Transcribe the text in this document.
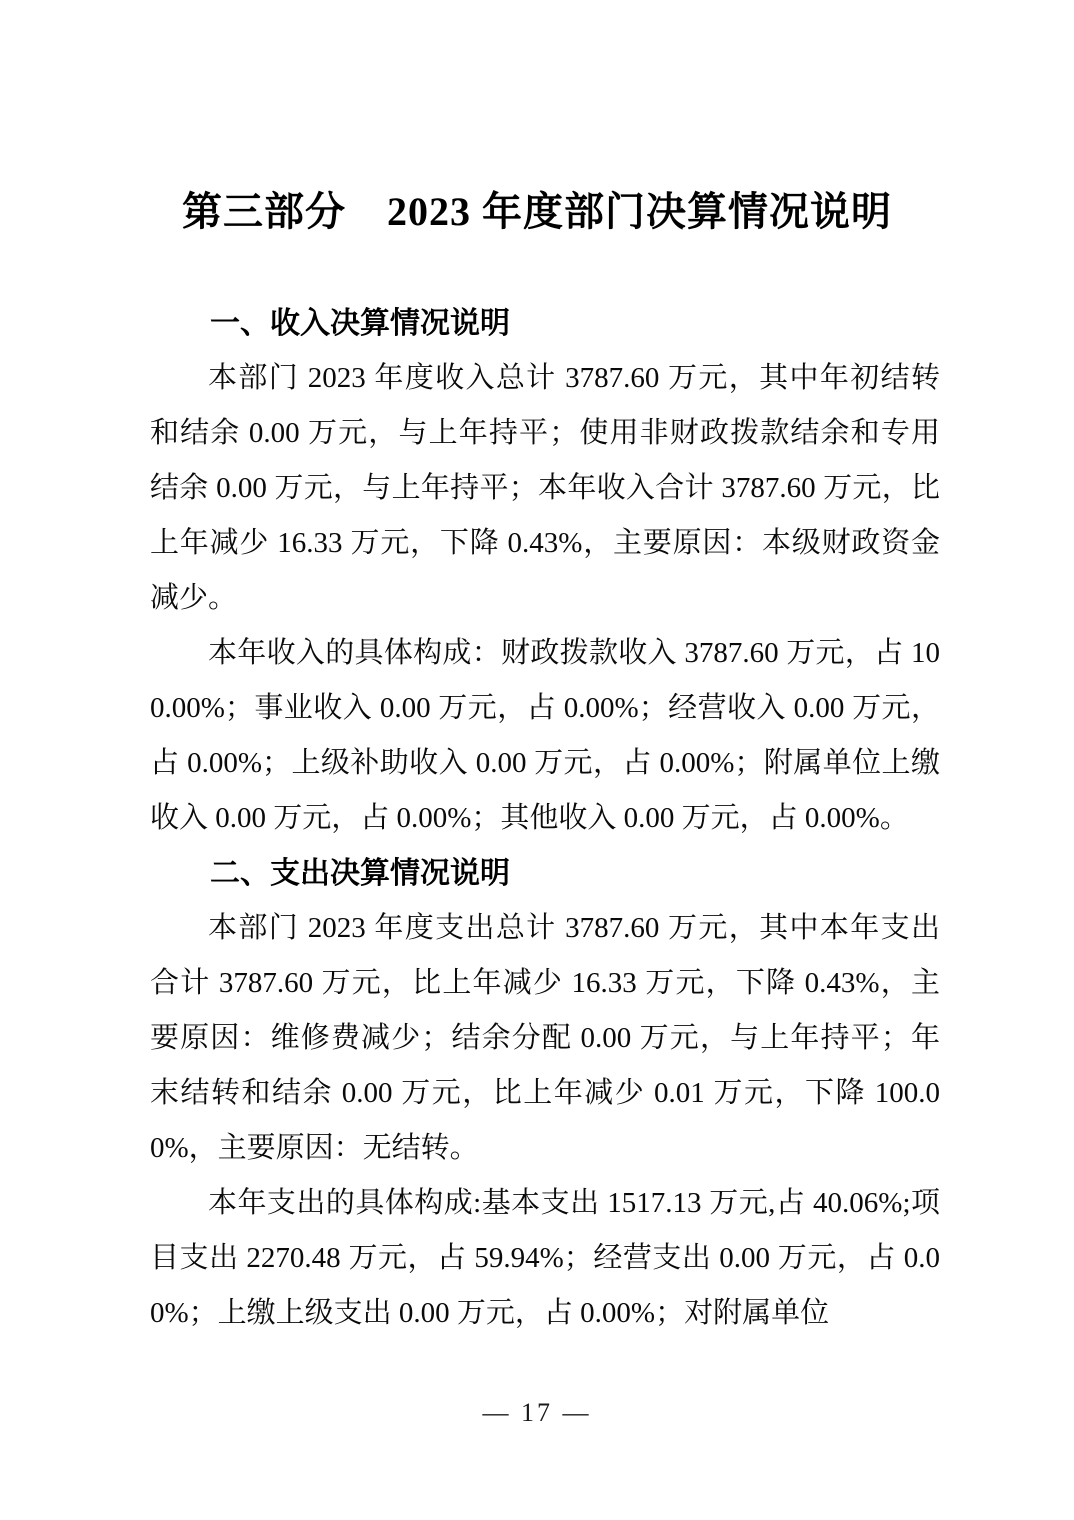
第三部分　2023 年度部门决算情况说明
一、收入决算情况说明

本部门 2023 年度收入总计 3787.60 万元，其中年初结转和结余 0.00 万元，与上年持平；使用非财政拨款结余和专用结余 0.00 万元，与上年持平；本年收入合计 3787.60 万元，比上年减少 16.33 万元，下降 0.43%，主要原因：本级财政资金减少。

本年收入的具体构成：财政拨款收入 3787.60 万元，占 100.00%；事业收入 0.00 万元，占 0.00%；经营收入 0.00 万元，占 0.00%；上级补助收入 0.00 万元，占 0.00%；附属单位上缴收入 0.00 万元，占 0.00%；其他收入 0.00 万元，占 0.00%。

二、支出决算情况说明

本部门 2023 年度支出总计 3787.60 万元，其中本年支出合计 3787.60 万元，比上年减少 16.33 万元，下降 0.43%，主要原因：维修费减少；结余分配 0.00 万元，与上年持平；年末结转和结余 0.00 万元，比上年减少 0.01 万元，下降 100.00%，主要原因：无结转。

本年支出的具体构成:基本支出 1517.13 万元,占 40.06%;项目支出 2270.48 万元，占 59.94%；经营支出 0.00 万元，占 0.00%；上缴上级支出 0.00 万元，占 0.00%；对附属单位

— 17 —
